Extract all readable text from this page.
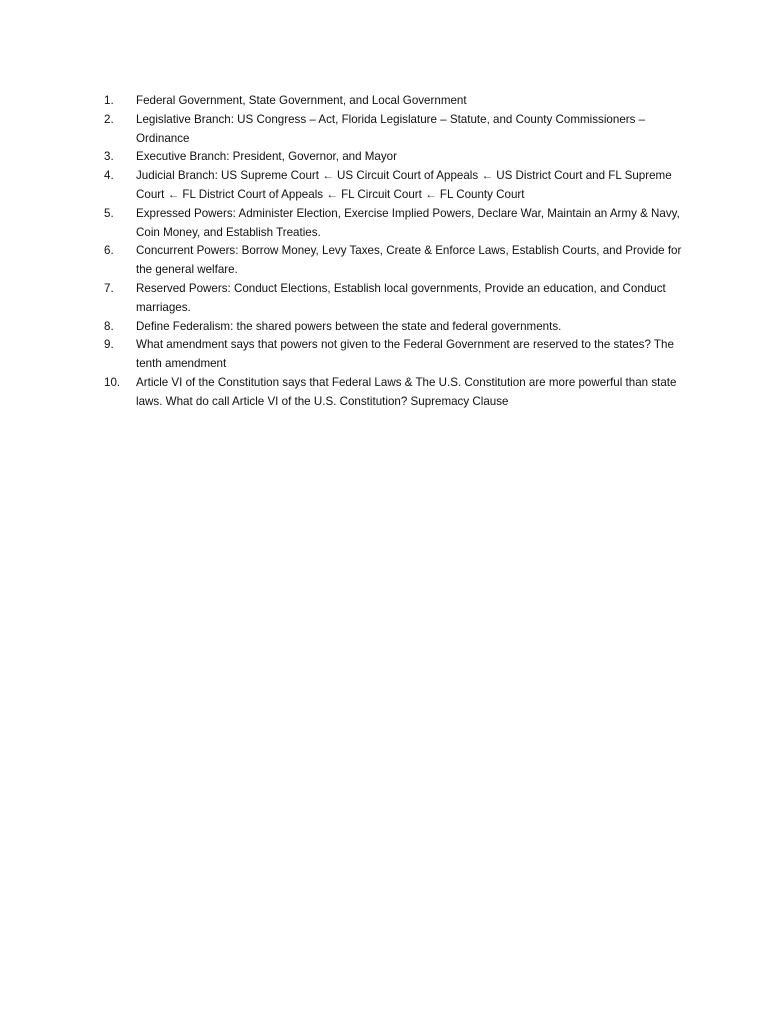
1.	Federal Government, State Government, and Local Government
2.	Legislative Branch: US Congress – Act, Florida Legislature – Statute, and County Commissioners – Ordinance
3.	Executive Branch: President, Governor, and Mayor
4.	Judicial Branch: US Supreme Court ← US Circuit Court of Appeals ← US District Court and FL Supreme Court ← FL District Court of Appeals ← FL Circuit Court ← FL County Court
5.	Expressed Powers: Administer Election, Exercise Implied Powers, Declare War, Maintain an Army & Navy, Coin Money, and Establish Treaties.
6.	Concurrent Powers: Borrow Money, Levy Taxes, Create & Enforce Laws, Establish Courts, and Provide for the general welfare.
7.	Reserved Powers: Conduct Elections, Establish local governments, Provide an education, and Conduct marriages.
8.	Define Federalism: the shared powers between the state and federal governments.
9.	What amendment says that powers not given to the Federal Government are reserved to the states? The tenth amendment
10.	Article VI of the Constitution says that Federal Laws & The U.S. Constitution are more powerful than state laws. What do call Article VI of the U.S. Constitution? Supremacy Clause
